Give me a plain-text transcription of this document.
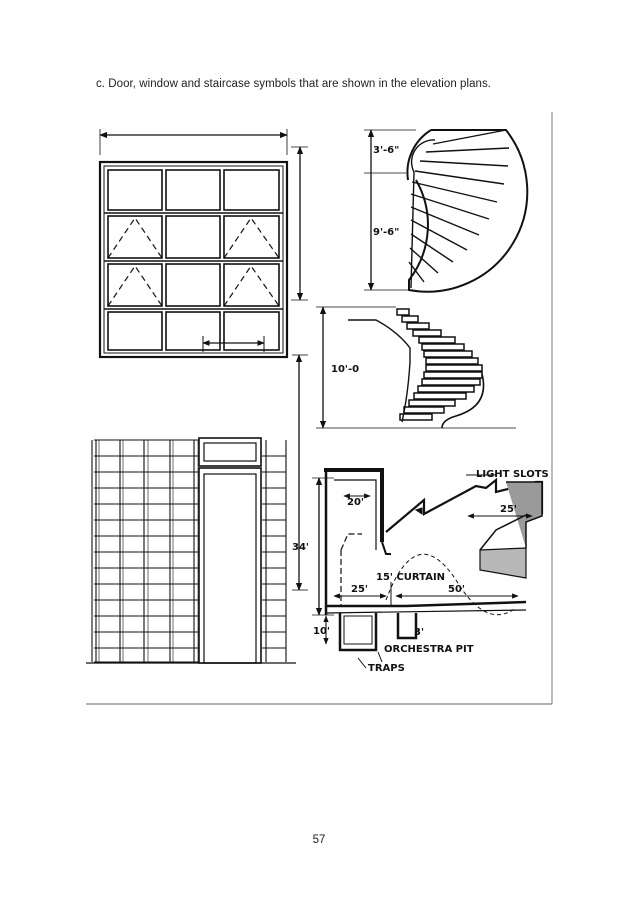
c. Door, window and staircase symbols that are shown in the elevation plans.
3'-6"
9'-6"
10'-0
34'
20'
LIGHT SLOTS
25'
15' CURTAIN
25'	50'
10'	3'
ORCHESTRA PIT
TRAPS
57
